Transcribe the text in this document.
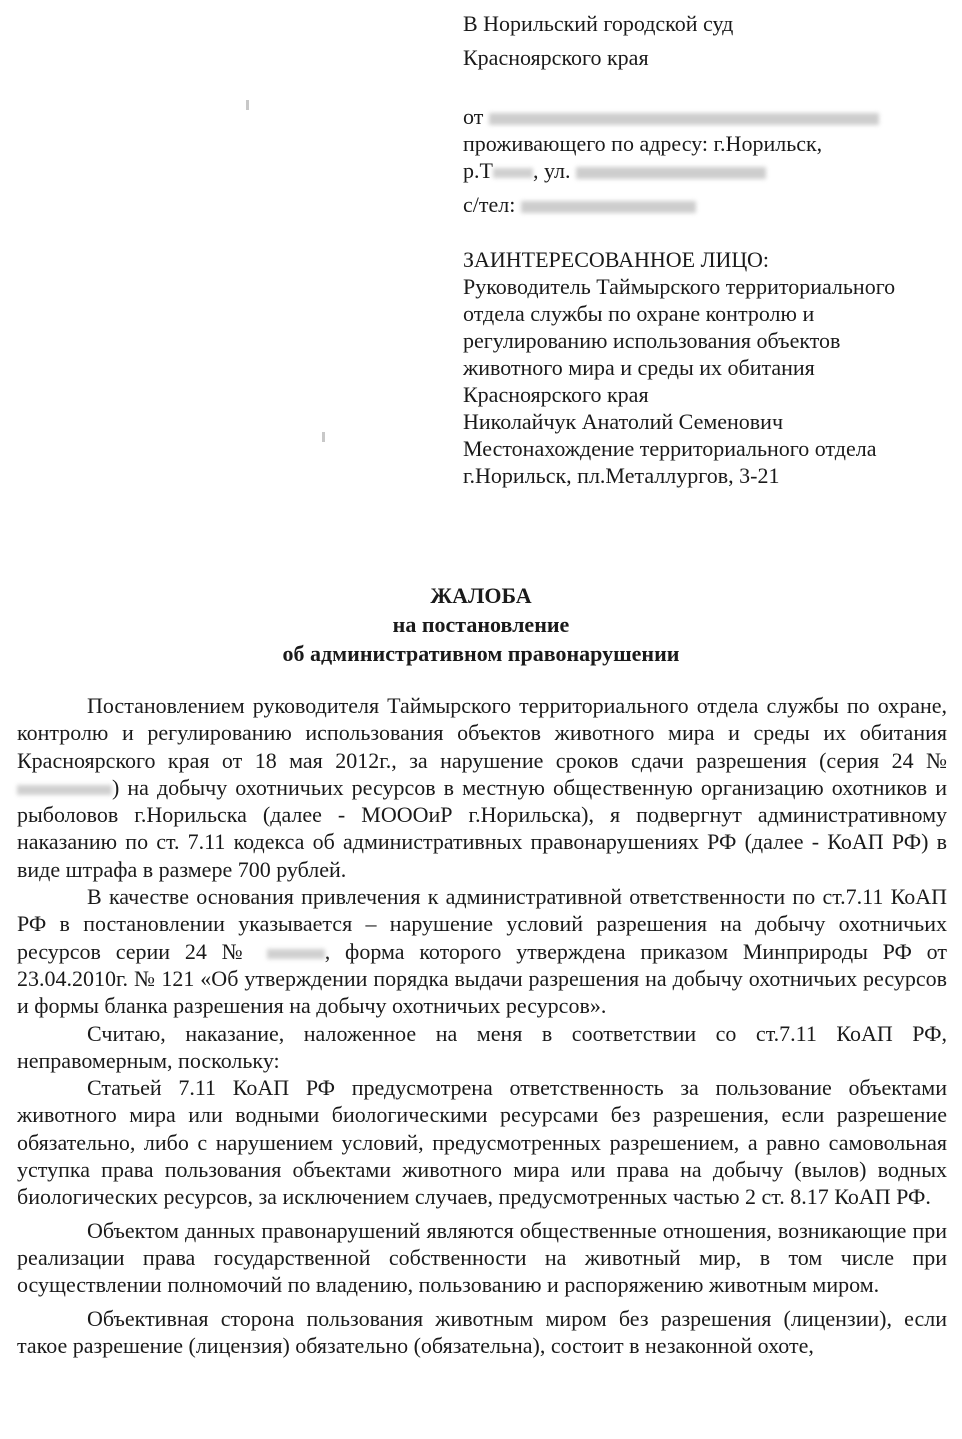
В Норильский городской суд

Красноярского края

от

проживающего по адресу: г.Норильск,

р.Т , ул.

с/тел:

ЗАИНТЕРЕСОВАННОЕ ЛИЦО:

Руководитель Таймырского территориального

отдела службы по охране контролю и

регулированию использования объектов

животного мира и среды их обитания

Красноярского края

Николайчук Анатолий Семенович

Местонахождение территориального отдела

г.Норильск, пл.Металлургов, 3-21

ЖАЛОБА
на постановление
об административном правонарушении

Постановлением руководителя Таймырского территориального отдела службы по охране, контролю и регулированию использования объектов животного мира и среды их обитания Красноярского края от 18 мая 2012г., за нарушение сроков сдачи разрешения (серия 24 №) на добычу охотничьих ресурсов в местную общественную организацию охотников и рыболовов г.Норильска (далее - МОООиР г.Норильска), я подвергнут административному наказанию по ст. 7.11 кодекса об административных правонарушениях РФ (далее - КоАП РФ) в виде штрафа в размере 700 рублей.

В качестве основания привлечения к административной ответственности по ст.7.11 КоАП РФ в постановлении указывается – нарушение условий разрешения на добычу охотничьих ресурсов серии 24 №	, форма которого утверждена приказом Минприроды РФ от 23.04.2010г. № 121 «Об утверждении порядка выдачи разрешения на добычу охотничьих ресурсов и формы бланка разрешения на добычу охотничьих ресурсов».

Считаю, наказание, наложенное на меня в соответствии со ст.7.11 КоАП РФ, неправомерным, поскольку:

Статьей 7.11 КоАП РФ предусмотрена ответственность за пользование объектами животного мира или водными биологическими ресурсами без разрешения, если разрешение обязательно, либо с нарушением условий, предусмотренных разрешением, а равно самовольная уступка права пользования объектами животного мира или права на добычу (вылов) водных биологических ресурсов, за исключением случаев, предусмотренных частью 2 ст. 8.17 КоАП РФ.

Объектом данных правонарушений являются общественные отношения, возникающие при реализации права государственной собственности на животный мир, в том числе при осуществлении полномочий по владению, пользованию и распоряжению животным миром.

Объективная сторона пользования животным миром без разрешения (лицензии), если такое разрешение (лицензия) обязательно (обязательна), состоит в незаконной охоте,
